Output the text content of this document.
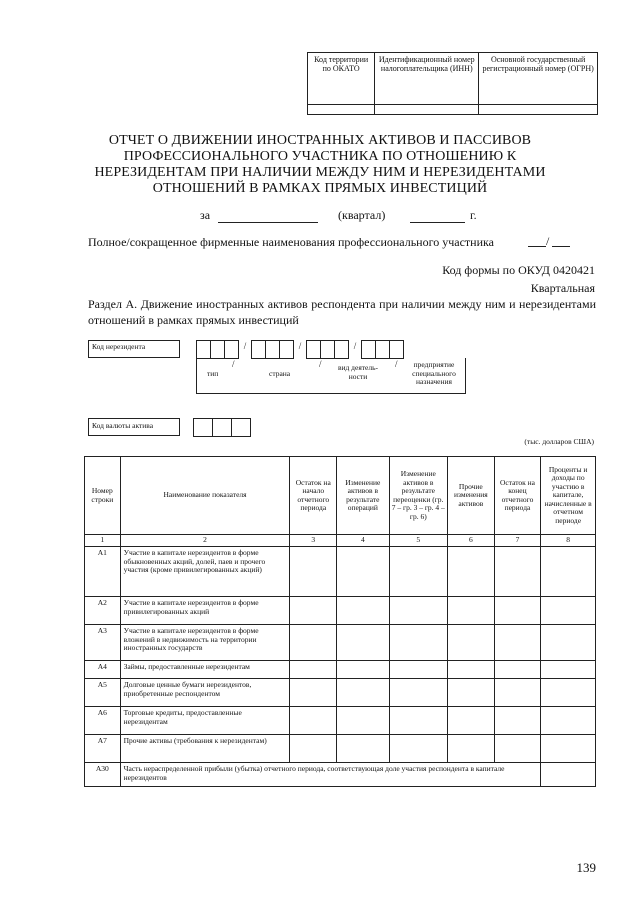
Код территории по ОКАТО	Идентификационный номер налогоплательщика (ИНН)	Основной государственный регистрационный номер (ОГРН)

ОТЧЕТ О ДВИЖЕНИИ ИНОСТРАННЫХ АКТИВОВ И ПАССИВОВ ПРОФЕССИОНАЛЬНОГО УЧАСТНИКА ПО ОТНОШЕНИЮ К НЕРЕЗИДЕНТАМ ПРИ НАЛИЧИИ МЕЖДУ НИМ И НЕРЕЗИДЕНТАМИ ОТНОШЕНИЙ В РАМКАХ ПРЯМЫХ ИНВЕСТИЦИЙ
за	(квартал)	г.
Полное/сокращенное фирменные наименования профессионального участника	/
Код формы по ОКУД 0420421
Квартальная
Раздел А. Движение иностранных активов респондента при наличии между ним и нерезидентами отношений в рамках прямых инвестиций
Код нерезидента
				/				/				/			
тип
/
страна
/	вид деятель-ности
/	предприятие специального назначения
Код валюты актива

(тыс. долларов США)
Номер строки	Наименование показателя	Остаток на начало отчетного периода	Изменение активов в результате операций	Изменение активов в результате переоценки (гр. 7 – гр. 3 – гр. 4 – гр. 6)	Прочие изменения активов	Остаток на конец отчетного периода	Проценты и доходы по участию в капитале, начисленные в отчетном периоде
1	2	3	4	5	6	7	8
А1	Участие в капитале нерезидентов в форме обыкновенных акций, долей, паев и прочего участия (кроме привилегированных акций)						
А2	Участие в капитале нерезидентов в форме привилегированных акций						
А3	Участие в капитале нерезидентов в форме вложений в недвижимость на территории иностранных государств						
А4	Займы, предоставленные нерезидентам						
А5	Долговые ценные бумаги нерезидентов, приобретенные респондентом						
А6	Торговые кредиты, предоставленные нерезидентам						
А7	Прочие активы (требования к нерезидентам)						
А30	Часть нераспределенной прибыли (убытка) отчетного периода, соответствующая доле участия респондента в капитале нерезидентов						
139
